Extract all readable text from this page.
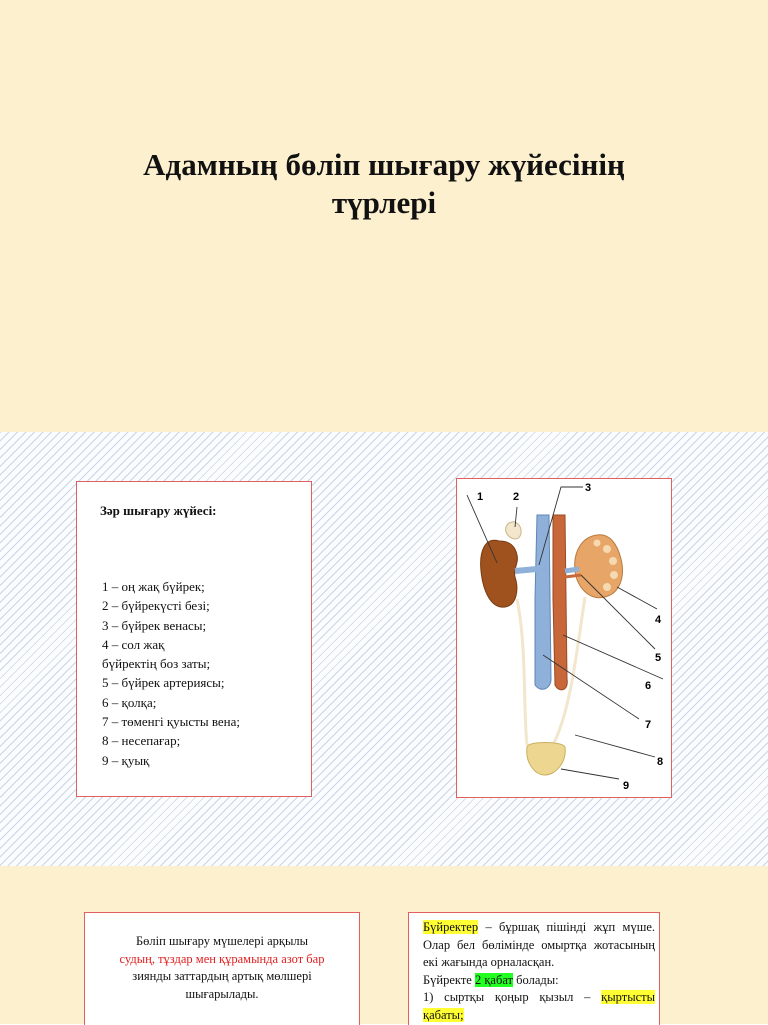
Адамның бөліп шығару жүйесінің
түрлері
Зәр шығару жүйесі:
1 – оң жақ бүйрек;
2 – бүйрекүсті безі;
3 – бүйрек венасы;
4 – сол жақ
бүйректің боз заты;
5 – бүйрек артериясы;
6 – қолқа;
7 – төменгі қуысты вена;
8 – несепағар;
9 – қуық
1	2
3
4
5
6
7
8
9
Бөліп шығару мүшелері арқылы
судың, тұздар мен құрамында азот бар
зиянды заттардың артық мөлшері
шығарылады.
Бүйректер – бұршақ пішінді жұп мүше. Олар бел бөлімінде омыртқа жотасының екі жағында орналасқан.
Бүйректе 2 қабат болады:
1) сыртқы қоңыр қызыл – қыртысты қабаты;
